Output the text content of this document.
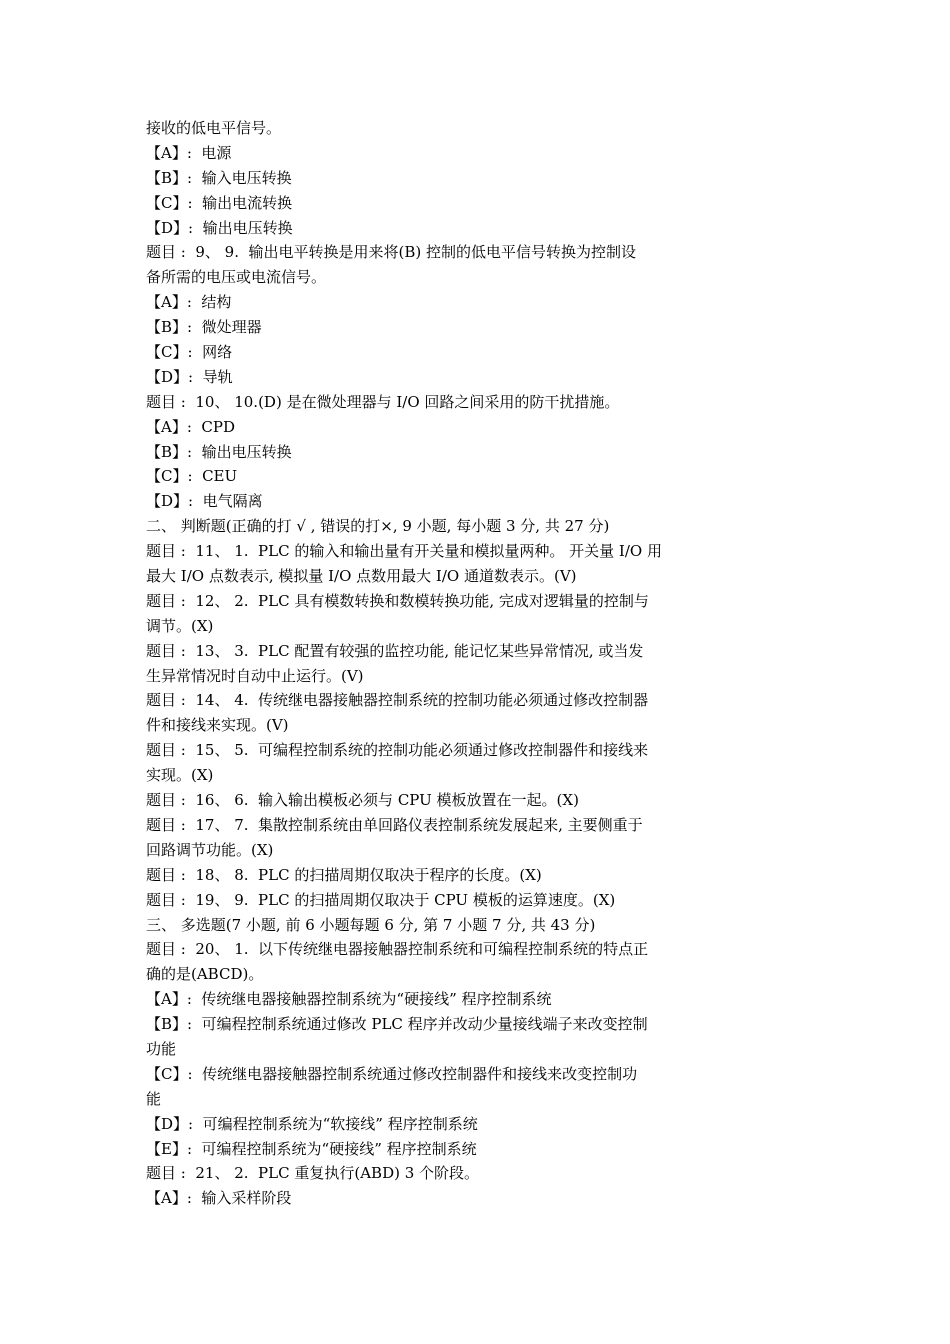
接收的低电平信号。
【A】:  电源
【B】:  输入电压转换
【C】:  输出电流转换
【D】:  输出电压转换
题目 :  9、 9.  输出电平转换是用来将(B) 控制的低电平信号转换为控制设
备所需的电压或电流信号。
【A】:  结构
【B】:  微处理器
【C】:  网络
【D】:  导轨
题目 :  10、 10.(D) 是在微处理器与 I/O 回路之间采用的防干扰措施。
【A】:  CPD
【B】:  输出电压转换
【C】:  CEU
【D】:  电气隔离
二、 判断题(正确的打 √ , 错误的打×, 9 小题, 每小题 3 分, 共 27 分)
题目 :  11、 1.  PLC 的输入和输出量有开关量和模拟量两种。 开关量 I/O 用
最大 I/O 点数表示, 模拟量 I/O 点数用最大 I/O 通道数表示。(V)
题目 :  12、 2.  PLC 具有模数转换和数模转换功能, 完成对逻辑量的控制与
调节。(X)
题目 :  13、 3.  PLC 配置有较强的监控功能, 能记忆某些异常情况, 或当发
生异常情况时自动中止运行。(V)
题目 :  14、 4.  传统继电器接触器控制系统的控制功能必须通过修改控制器
件和接线来实现。(V)
题目 :  15、 5.  可编程控制系统的控制功能必须通过修改控制器件和接线来
实现。(X)
题目 :  16、 6.  输入输出模板必须与 CPU 模板放置在一起。(X)
题目 :  17、 7.  集散控制系统由单回路仪表控制系统发展起来, 主要侧重于
回路调节功能。(X)
题目 :  18、 8.  PLC 的扫描周期仅取决于程序的长度。(X)
题目 :  19、 9.  PLC 的扫描周期仅取决于 CPU 模板的运算速度。(X)
三、 多选题(7 小题, 前 6 小题每题 6 分, 第 7 小题 7 分, 共 43 分)
题目 :  20、 1.  以下传统继电器接触器控制系统和可编程控制系统的特点正
确的是(ABCD)。
【A】:  传统继电器接触器控制系统为“硬接线” 程序控制系统
【B】:  可编程控制系统通过修改 PLC 程序并改动少量接线端子来改变控制
功能
【C】:  传统继电器接触器控制系统通过修改控制器件和接线来改变控制功
能
【D】:  可编程控制系统为“软接线” 程序控制系统
【E】:  可编程控制系统为“硬接线” 程序控制系统
题目 :  21、 2.  PLC 重复执行(ABD) 3 个阶段。
【A】:  输入采样阶段
